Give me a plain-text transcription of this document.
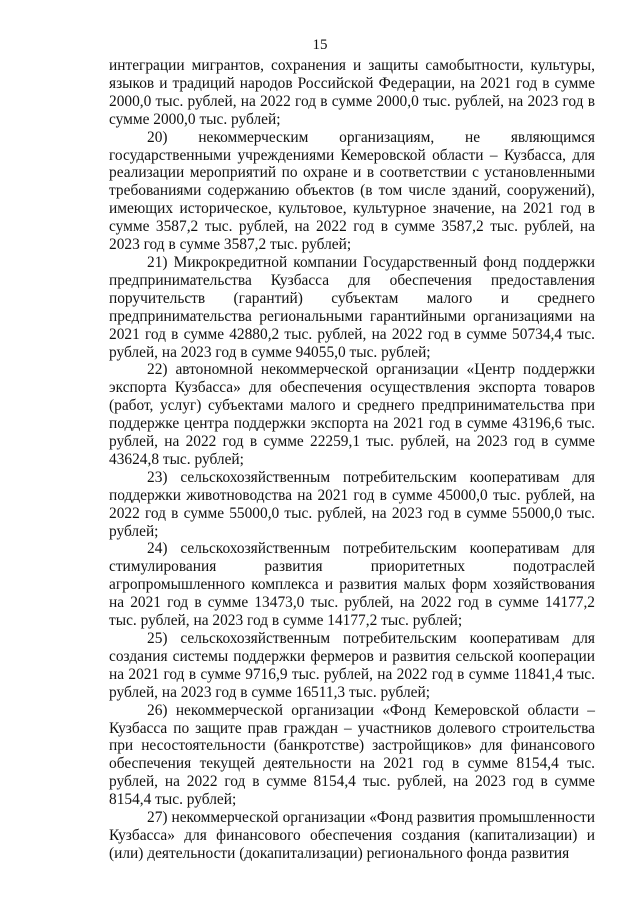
15

интеграции мигрантов, сохранения и защиты самобытности, культуры, языков и традиций народов Российской Федерации, на 2021 год в сумме 2000,0 тыс. рублей, на 2022 год в сумме 2000,0 тыс. рублей, на 2023 год в сумме 2000,0 тыс. рублей;

20) некоммерческим организациям, не являющимся государственными учреждениями Кемеровской области – Кузбасса, для реализации мероприятий по охране и в соответствии с установленными требованиями содержанию объектов (в том числе зданий, сооружений), имеющих историческое, культовое, культурное значение, на 2021 год в сумме 3587,2 тыс. рублей, на 2022 год в сумме 3587,2 тыс. рублей, на 2023 год в сумме 3587,2 тыс. рублей;

21) Микрокредитной компании Государственный фонд поддержки предпринимательства Кузбасса для обеспечения предоставления поручительств (гарантий) субъектам малого и среднего предпринимательства региональными гарантийными организациями на 2021 год в сумме 42880,2 тыс. рублей, на 2022 год в сумме 50734,4 тыс. рублей, на 2023 год в сумме 94055,0 тыс. рублей;

22) автономной некоммерческой организации «Центр поддержки экспорта Кузбасса» для обеспечения осуществления экспорта товаров (работ, услуг) субъектами малого и среднего предпринимательства при поддержке центра поддержки экспорта на 2021 год в сумме 43196,6 тыс. рублей, на 2022 год в сумме 22259,1 тыс. рублей, на 2023 год в сумме 43624,8 тыс. рублей;

23) сельскохозяйственным потребительским кооперативам для поддержки животноводства на 2021 год в сумме 45000,0 тыс. рублей, на 2022 год в сумме 55000,0 тыс. рублей, на 2023 год в сумме 55000,0 тыс. рублей;

24) сельскохозяйственным потребительским кооперативам для стимулирования развития приоритетных подотраслей агропромышленного комплекса и развития малых форм хозяйствования на 2021 год в сумме 13473,0 тыс. рублей, на 2022 год в сумме 14177,2 тыс. рублей, на 2023 год в сумме 14177,2 тыс. рублей;

25) сельскохозяйственным потребительским кооперативам для создания системы поддержки фермеров и развития сельской кооперации на 2021 год в сумме 9716,9 тыс. рублей, на 2022 год в сумме 11841,4 тыс. рублей, на 2023 год в сумме 16511,3 тыс. рублей;

26) некоммерческой организации «Фонд Кемеровской области – Кузбасса по защите прав граждан – участников долевого строительства при несостоятельности (банкротстве) застройщиков» для финансового обеспечения текущей деятельности на 2021 год в сумме 8154,4 тыс. рублей, на 2022 год в сумме 8154,4 тыс. рублей, на 2023 год в сумме 8154,4 тыс. рублей;

27) некоммерческой организации «Фонд развития промышленности Кузбасса» для финансового обеспечения создания (капитализации) и (или) деятельности (докапитализации) регионального фонда развития
